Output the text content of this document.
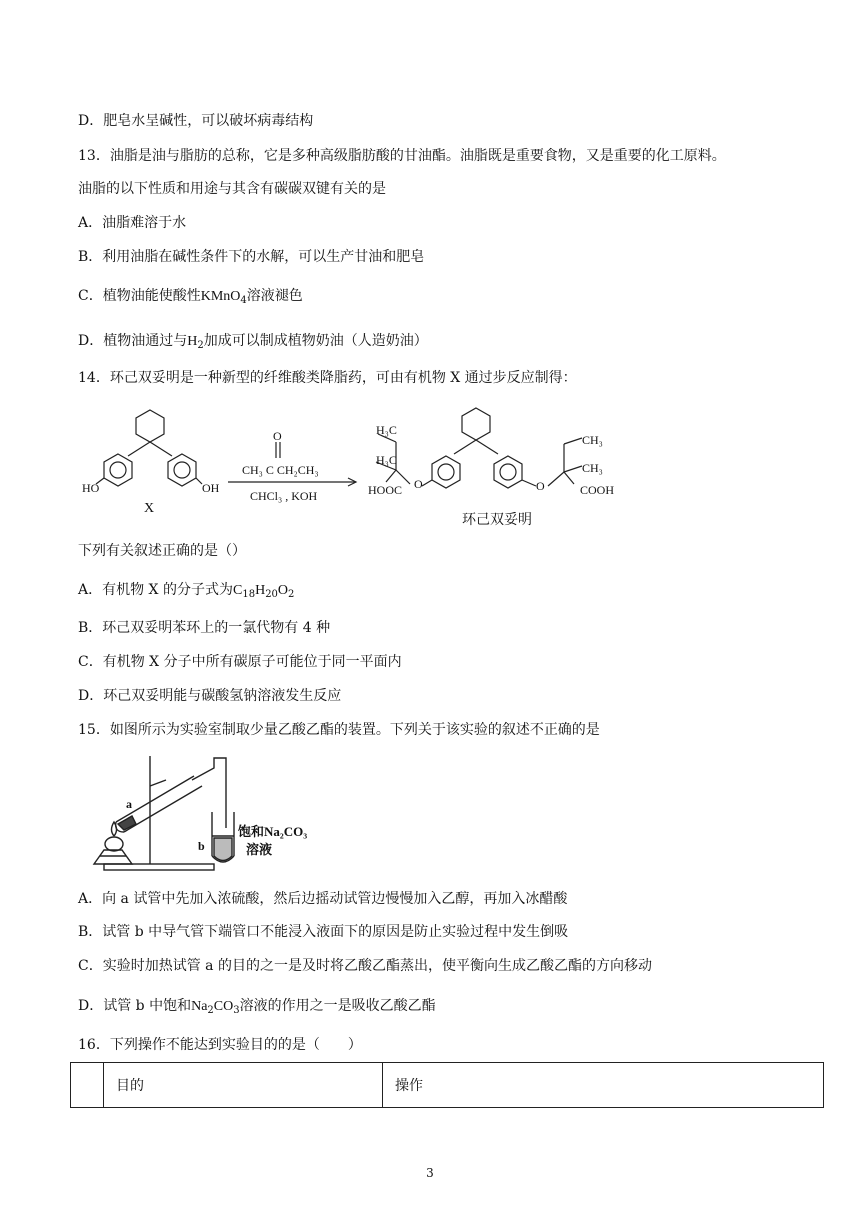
D．肥皂水呈碱性，可以破坏病毒结构
13．油脂是油与脂肪的总称，它是多种高级脂肪酸的甘油酯。油脂既是重要食物，又是重要的化工原料。
油脂的以下性质和用途与其含有碳碳双键有关的是
A．油脂难溶于水
B．利用油脂在碱性条件下的水解，可以生产甘油和肥皂
C．植物油能使酸性KMnO$_4$溶液褪色
D．植物油通过与$H_2$加成可以制成植物奶油（人造奶油）
14．环己双妥明是一种新型的纤维酸类降脂药，可由有机物 X 通过步反应制得：
HO	OH
X
O
CH₃ C CH₂CH₃
CHCl₃ , KOH
H₃C
H₃C
HOOC O	O
CH₃
CH₃
COOH
环己双妥明
下列有关叙述正确的是（）
A．有机物 X 的分子式为$C_{18}H_{20}O_2$
B．环己双妥明苯环上的一氯代物有 4 种
C．有机物 X 分子中所有碳原子可能位于同一平面内
D．环己双妥明能与碳酸氢钠溶液发生反应
15．如图所示为实验室制取少量乙酸乙酯的装置。下列关于该实验的叙述不正确的是
a
b
饱和Na₂CO₃
溶液
A．向 a 试管中先加入浓硫酸，然后边摇动试管边慢慢加入乙醇，再加入冰醋酸
B．试管 b 中导气管下端管口不能浸入液面下的原因是防止实验过程中发生倒吸
C．实验时加热试管 a 的目的之一是及时将乙酸乙酯蒸出，使平衡向生成乙酸乙酯的方向移动
D．试管 b 中饱和$Na_2CO_3$溶液的作用之一是吸收乙酸乙酯
16．下列操作不能达到实验目的的是（　　）
	目的	操作
3
